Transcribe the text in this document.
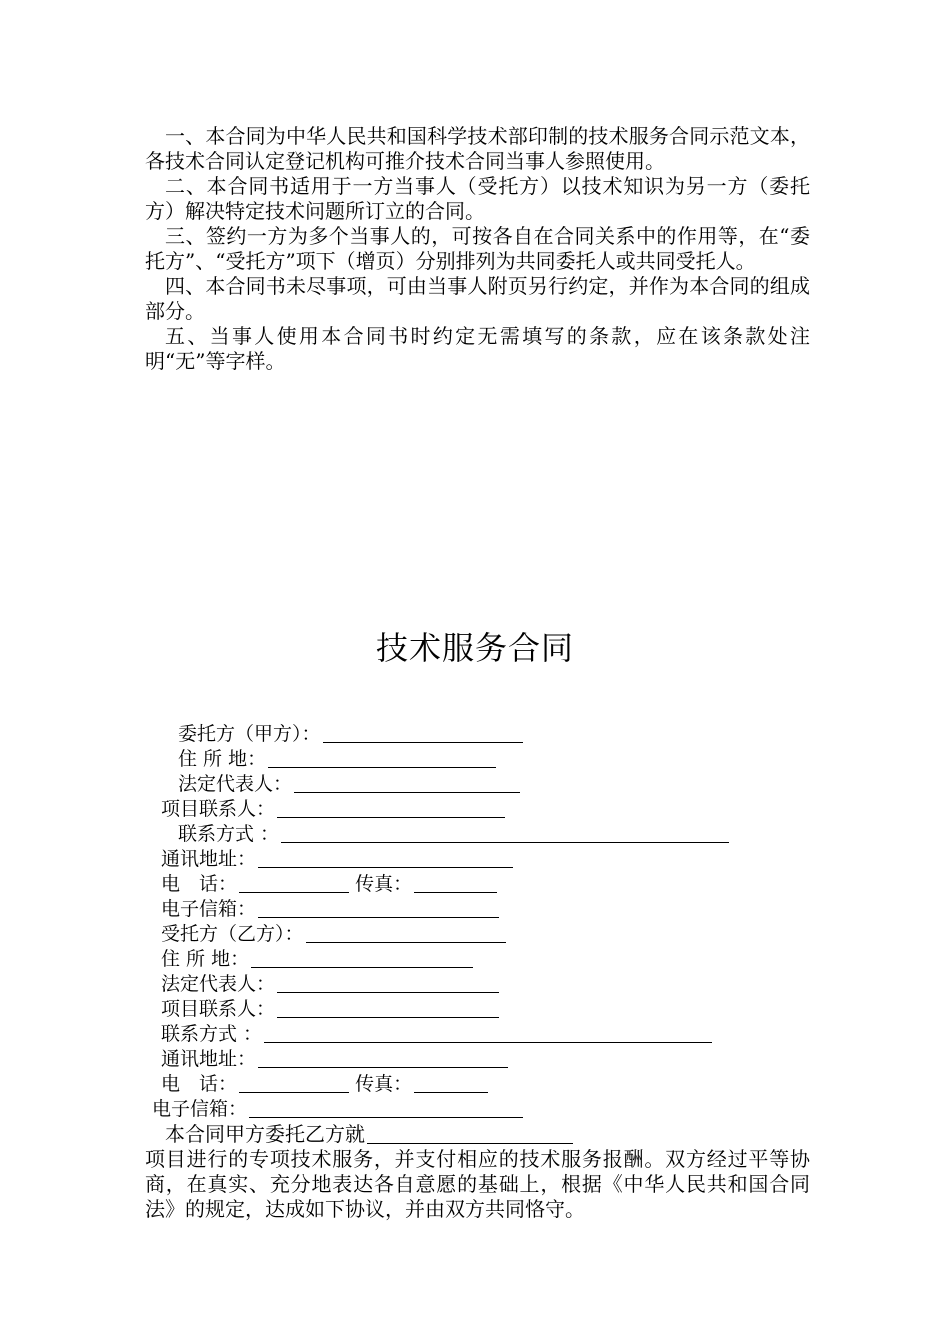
一、本合同为中华人民共和国科学技术部印制的技术服务合同示范文本，各技术合同认定登记机构可推介技术合同当事人参照使用。

二、本合同书适用于一方当事人（受托方）以技术知识为另一方（委托方）解决特定技术问题所订立的合同。

三、签约一方为多个当事人的，可按各自在合同关系中的作用等，在“委托方”、“受托方”项下（增页）分别排列为共同委托人或共同受托人。

四、本合同书未尽事项，可由当事人附页另行约定，并作为本合同的组成部分。

五、当事人使用本合同书时约定无需填写的条款，应在该条款处注明“无”等字样。

技术服务合同
委托方（甲方）：
住 所 地：
法定代表人：
项目联系人：
联系方式 ：
通讯地址：
电　话：	传真：
电子信箱：
受托方（乙方）：
住 所 地：
法定代表人：
项目联系人：
联系方式 ：
通讯地址：
电　话：	传真：
电子信箱：

本合同甲方委托乙方就

项目进行的专项技术服务，并支付相应的技术服务报酬。双方经过平等协商，在真实、充分地表达各自意愿的基础上，根据《中华人民共和国合同法》的规定，达成如下协议，并由双方共同恪守。
